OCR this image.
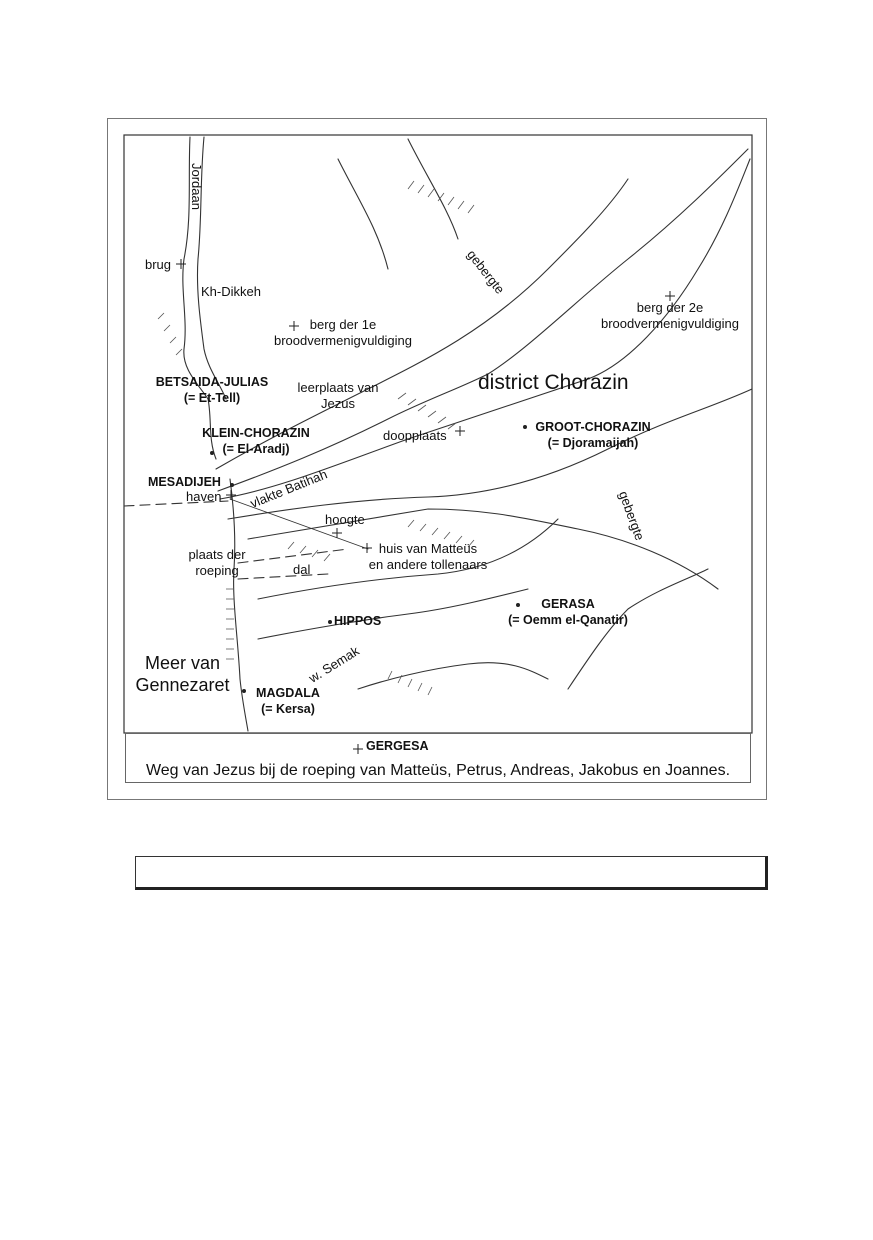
Jordaan
brug
Kh-Dikkeh
berg der 1e
broodvermenigvuldiging
gebergte
berg der 2e
broodvermenigvuldiging
BETSAIDA-JULIAS
(= Et-Tell)
leerplaats van
Jezus
district Chorazin
KLEIN-CHORAZIN
(= El-Aradj)
doopplaats
GROOT-CHORAZIN
(= Djoramaijah)
MESADIJEH
haven vlakte Batihah
gebergte
hoogte
plaats der
roeping	dal
huis van Matteüs
en andere tollenaars
GERASA
(= Oemm el-Qanatir)
HIPPOS
Meer van
Gennezaret	w. Semak
MAGDALA
(= Kersa)
GERGESA
Weg van Jezus bij de roeping van Matteüs, Petrus, Andreas, Jakobus en Joannes.
